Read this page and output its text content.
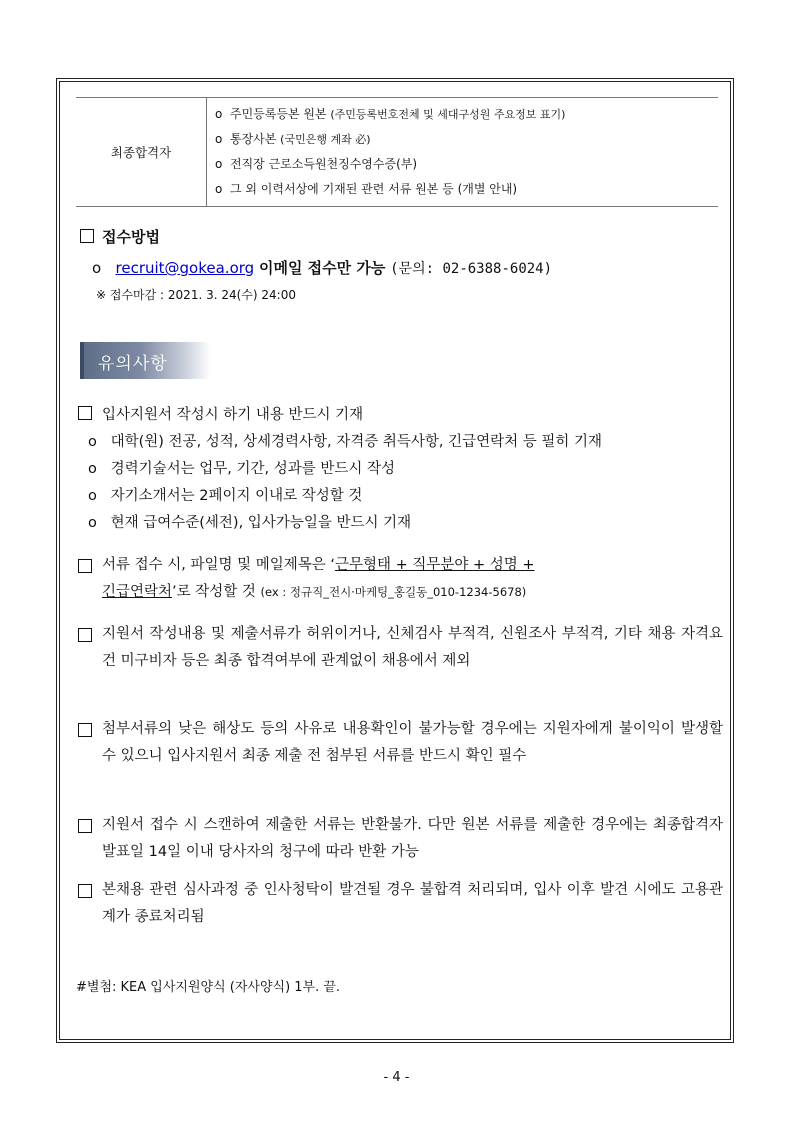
최종합격자	
o 주민등록등본 원본 (주민등록번호전체 및 세대구성원 주요정보 표기)
o 통장사본 (국민은행 계좌 必)
o 전직장 근로소득원천징수영수증(부)
o 그 외 이력서상에 기재된 관련 서류 원본 등 (개별 안내)
접수방법
o recruit@gokea.org 이메일 접수만 가능 (문의: 02-6388-6024)
※ 접수마감 : 2021. 3. 24(수) 24:00
유의사항
입사지원서 작성시 하기 내용 반드시 기재
o 대학(원) 전공, 성적, 상세경력사항, 자격증 취득사항, 긴급연락처 등 필히 기재
o 경력기술서는 업무, 기간, 성과를 반드시 작성
o 자기소개서는 2페이지 이내로 작성할 것
o 현재 급여수준(세전), 입사가능일을 반드시 기재
서류 접수 시, 파일명 및 메일제목은 ‘근무형태 + 직무분야 + 성명 +
긴급연락처’로 작성할 것 (ex : 정규직_전시·마케팅_홍길동_010-1234-5678)
지원서 작성내용 및 제출서류가 허위이거나, 신체검사 부적격, 신원조사 부적격, 기타 채용 자격요건 미구비자 등은 최종 합격여부에 관계없이 채용에서 제외
첨부서류의 낮은 해상도 등의 사유로 내용확인이 불가능할 경우에는 지원자에게 불이익이 발생할 수 있으니 입사지원서 최종 제출 전 첨부된 서류를 반드시 확인 필수
지원서 접수 시 스캔하여 제출한 서류는 반환불가. 다만 원본 서류를 제출한 경우에는 최종합격자 발표일 14일 이내 당사자의 청구에 따라 반환 가능
본채용 관련 심사과정 중 인사청탁이 발견될 경우 불합격 처리되며, 입사 이후 발견 시에도 고용관계가 종료처리됨
#별첨: KEA 입사지원양식 (자사양식) 1부. 끝.
- 4 -
